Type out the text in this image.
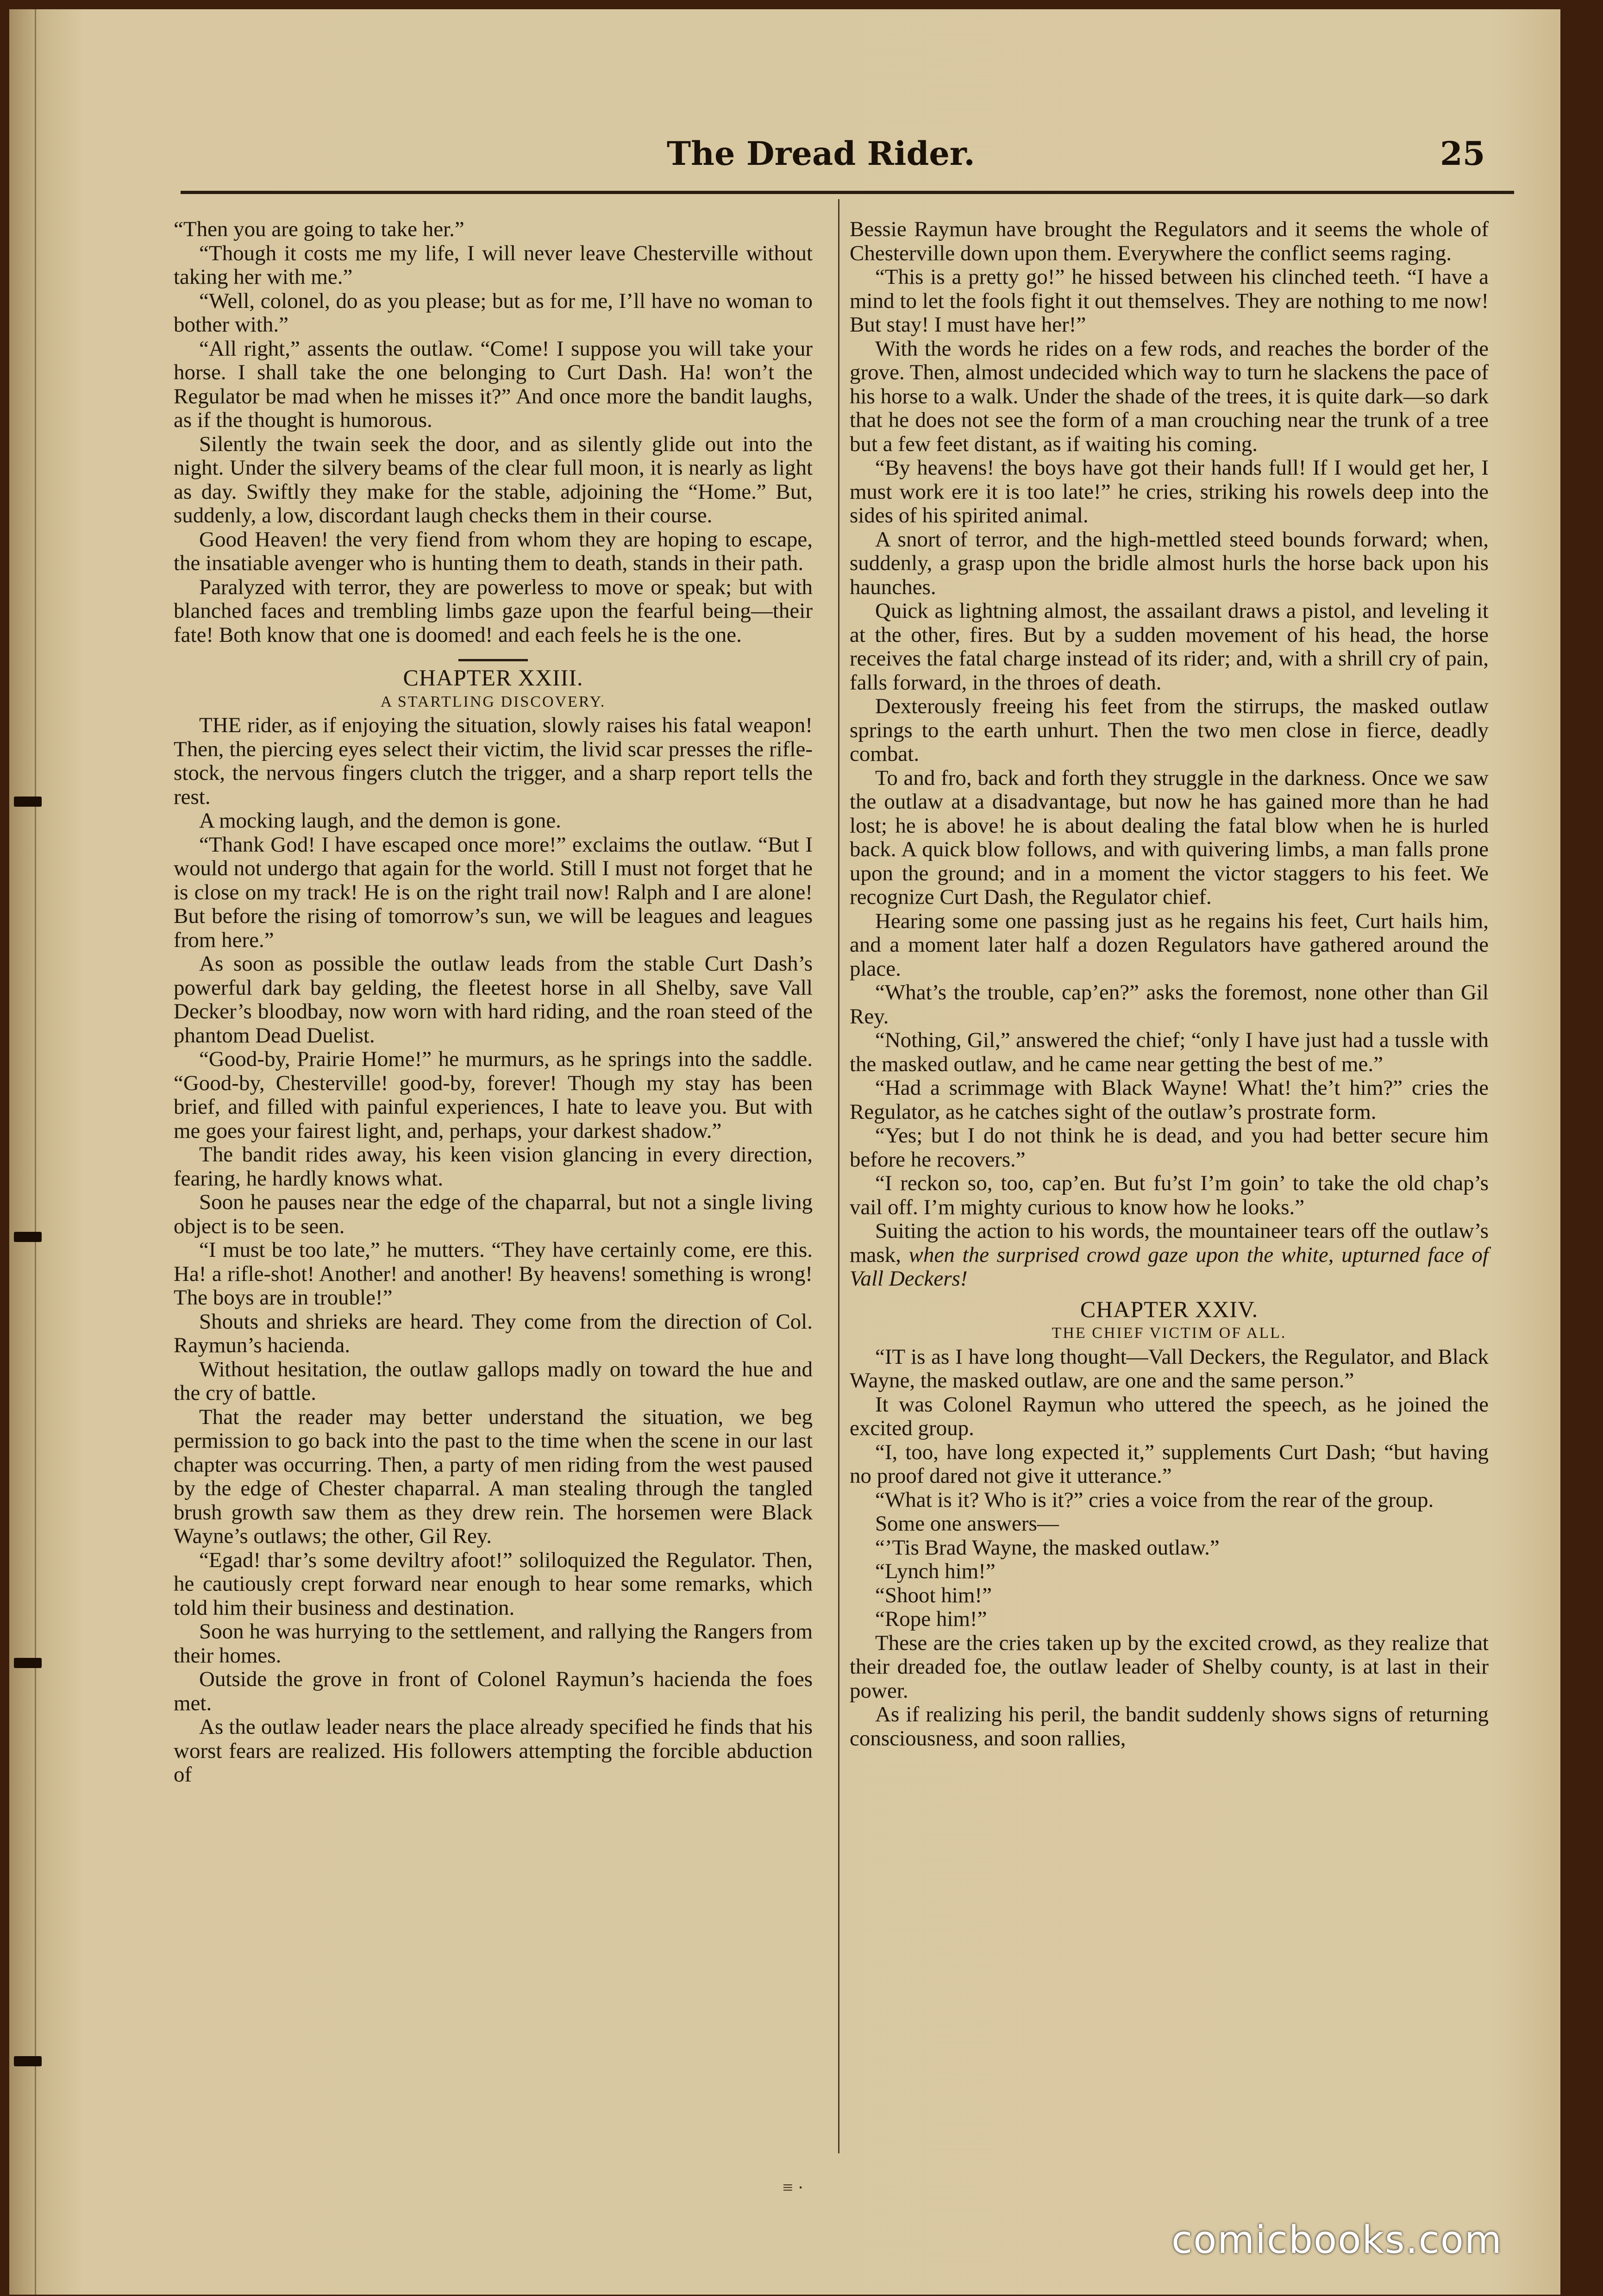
The Dread Rider.	25

“Then you are going to take her.”

“Though it costs me my life, I will never leave Chesterville without taking her with me.”

“Well, colonel, do as you please; but as for me, I’ll have no woman to bother with.”

“All right,” assents the outlaw. “Come! I suppose you will take your horse. I shall take the one belonging to Curt Dash. Ha! won’t the Regulator be mad when he misses it?” And once more the bandit laughs, as if the thought is humorous.

Silently the twain seek the door, and as silently glide out into the night. Under the silvery beams of the clear full moon, it is nearly as light as day. Swiftly they make for the stable, adjoining the “Home.” But, suddenly, a low, discordant laugh checks them in their course.

Good Heaven! the very fiend from whom they are hoping to escape, the insatiable avenger who is hunting them to death, stands in their path.

Paralyzed with terror, they are powerless to move or speak; but with blanched faces and trembling limbs gaze upon the fearful being—their fate! Both know that one is doomed! and each feels he is the one.

CHAPTER XXIII.

A STARTLING DISCOVERY.

THE rider, as if enjoying the situation, slowly raises his fatal weapon! Then, the piercing eyes select their victim, the livid scar presses the rifle-stock, the nervous fingers clutch the trigger, and a sharp report tells the rest.

A mocking laugh, and the demon is gone.

“Thank God! I have escaped once more!” exclaims the outlaw. “But I would not undergo that again for the world. Still I must not forget that he is close on my track! He is on the right trail now! Ralph and I are alone! But before the rising of tomorrow’s sun, we will be leagues and leagues from here.”

As soon as possible the outlaw leads from the stable Curt Dash’s powerful dark bay gelding, the fleetest horse in all Shelby, save Vall Decker’s bloodbay, now worn with hard riding, and the roan steed of the phantom Dead Duelist.

“Good-by, Prairie Home!” he murmurs, as he springs into the saddle. “Good-by, Chesterville! good-by, forever! Though my stay has been brief, and filled with painful experiences, I hate to leave you. But with me goes your fairest light, and, perhaps, your darkest shadow.”

The bandit rides away, his keen vision glancing in every direction, fearing, he hardly knows what.

Soon he pauses near the edge of the chaparral, but not a single living object is to be seen.

“I must be too late,” he mutters. “They have certainly come, ere this. Ha! a rifle-shot! Another! and another! By heavens! something is wrong! The boys are in trouble!”

Shouts and shrieks are heard. They come from the direction of Col. Raymun’s hacienda.

Without hesitation, the outlaw gallops madly on toward the hue and the cry of battle.

That the reader may better understand the situation, we beg permission to go back into the past to the time when the scene in our last chapter was occurring. Then, a party of men riding from the west paused by the edge of Chester chaparral. A man stealing through the tangled brush growth saw them as they drew rein. The horsemen were Black Wayne’s outlaws; the other, Gil Rey.

“Egad! thar’s some deviltry afoot!” soliloquized the Regulator. Then, he cautiously crept forward near enough to hear some remarks, which told him their business and destination.

Soon he was hurrying to the settlement, and rallying the Rangers from their homes.

Outside the grove in front of Colonel Raymun’s hacienda the foes met.

As the outlaw leader nears the place already specified he finds that his worst fears are realized. His followers attempting the forcible abduction of

Bessie Raymun have brought the Regulators and it seems the whole of Chesterville down upon them. Everywhere the conflict seems raging.

“This is a pretty go!” he hissed between his clinched teeth. “I have a mind to let the fools fight it out themselves. They are nothing to me now! But stay! I must have her!”

With the words he rides on a few rods, and reaches the border of the grove. Then, almost undecided which way to turn he slackens the pace of his horse to a walk. Under the shade of the trees, it is quite dark—so dark that he does not see the form of a man crouching near the trunk of a tree but a few feet distant, as if waiting his coming.

“By heavens! the boys have got their hands full! If I would get her, I must work ere it is too late!” he cries, striking his rowels deep into the sides of his spirited animal.

A snort of terror, and the high-mettled steed bounds forward; when, suddenly, a grasp upon the bridle almost hurls the horse back upon his haunches.

Quick as lightning almost, the assailant draws a pistol, and leveling it at the other, fires. But by a sudden movement of his head, the horse receives the fatal charge instead of its rider; and, with a shrill cry of pain, falls forward, in the throes of death.

Dexterously freeing his feet from the stirrups, the masked outlaw springs to the earth unhurt. Then the two men close in fierce, deadly combat.

To and fro, back and forth they struggle in the darkness. Once we saw the outlaw at a disadvantage, but now he has gained more than he had lost; he is above! he is about dealing the fatal blow when he is hurled back. A quick blow follows, and with quivering limbs, a man falls prone upon the ground; and in a moment the victor staggers to his feet. We recognize Curt Dash, the Regulator chief.

Hearing some one passing just as he regains his feet, Curt hails him, and a moment later half a dozen Regulators have gathered around the place.

“What’s the trouble, cap’en?” asks the foremost, none other than Gil Rey.

“Nothing, Gil,” answered the chief; “only I have just had a tussle with the masked outlaw, and he came near getting the best of me.”

“Had a scrimmage with Black Wayne! What! the’t him?” cries the Regulator, as he catches sight of the outlaw’s prostrate form.

“Yes; but I do not think he is dead, and you had better secure him before he recovers.”

“I reckon so, too, cap’en. But fu’st I’m goin’ to take the old chap’s vail off. I’m mighty curious to know how he looks.”

Suiting the action to his words, the mountaineer tears off the outlaw’s mask, when the surprised crowd gaze upon the white, upturned face of Vall Deckers!

CHAPTER XXIV.

THE CHIEF VICTIM OF ALL.

“IT is as I have long thought—Vall Deckers, the Regulator, and Black Wayne, the masked outlaw, are one and the same person.”

It was Colonel Raymun who uttered the speech, as he joined the excited group.

“I, too, have long expected it,” supplements Curt Dash; “but having no proof dared not give it utterance.”

“What is it? Who is it?” cries a voice from the rear of the group.

Some one answers—

“’Tis Brad Wayne, the masked outlaw.”

“Lynch him!”

“Shoot him!”

“Rope him!”

These are the cries taken up by the excited crowd, as they realize that their dreaded foe, the outlaw leader of Shelby county, is at last in their power.

As if realizing his peril, the bandit suddenly shows signs of returning consciousness, and soon rallies,

≡ ·
comicbooks.com
